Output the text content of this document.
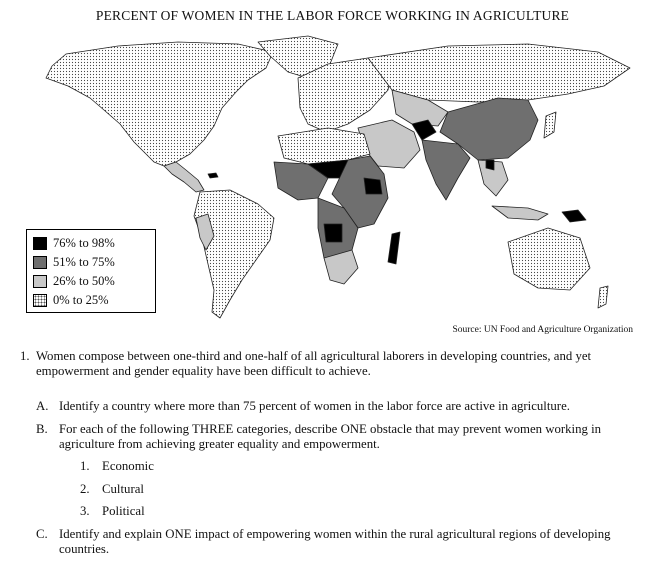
PERCENT OF WOMEN IN THE LABOR FORCE WORKING IN AGRICULTURE
76% to 98%
51% to 75%
26% to 50%
0% to 25%
Source: UN Food and Agriculture Organization
1. Women compose between one-third and one-half of all agricultural laborers in developing countries, and yet empowerment and gender equality have been difficult to achieve.
A. Identify a country where more than 75 percent of women in the labor force are active in agriculture.
B. For each of the following THREE categories, describe ONE obstacle that may prevent women working in agriculture from achieving greater equality and empowerment.
1. Economic
2. Cultural
3. Political
C. Identify and explain ONE impact of empowering women within the rural agricultural regions of developing countries.
